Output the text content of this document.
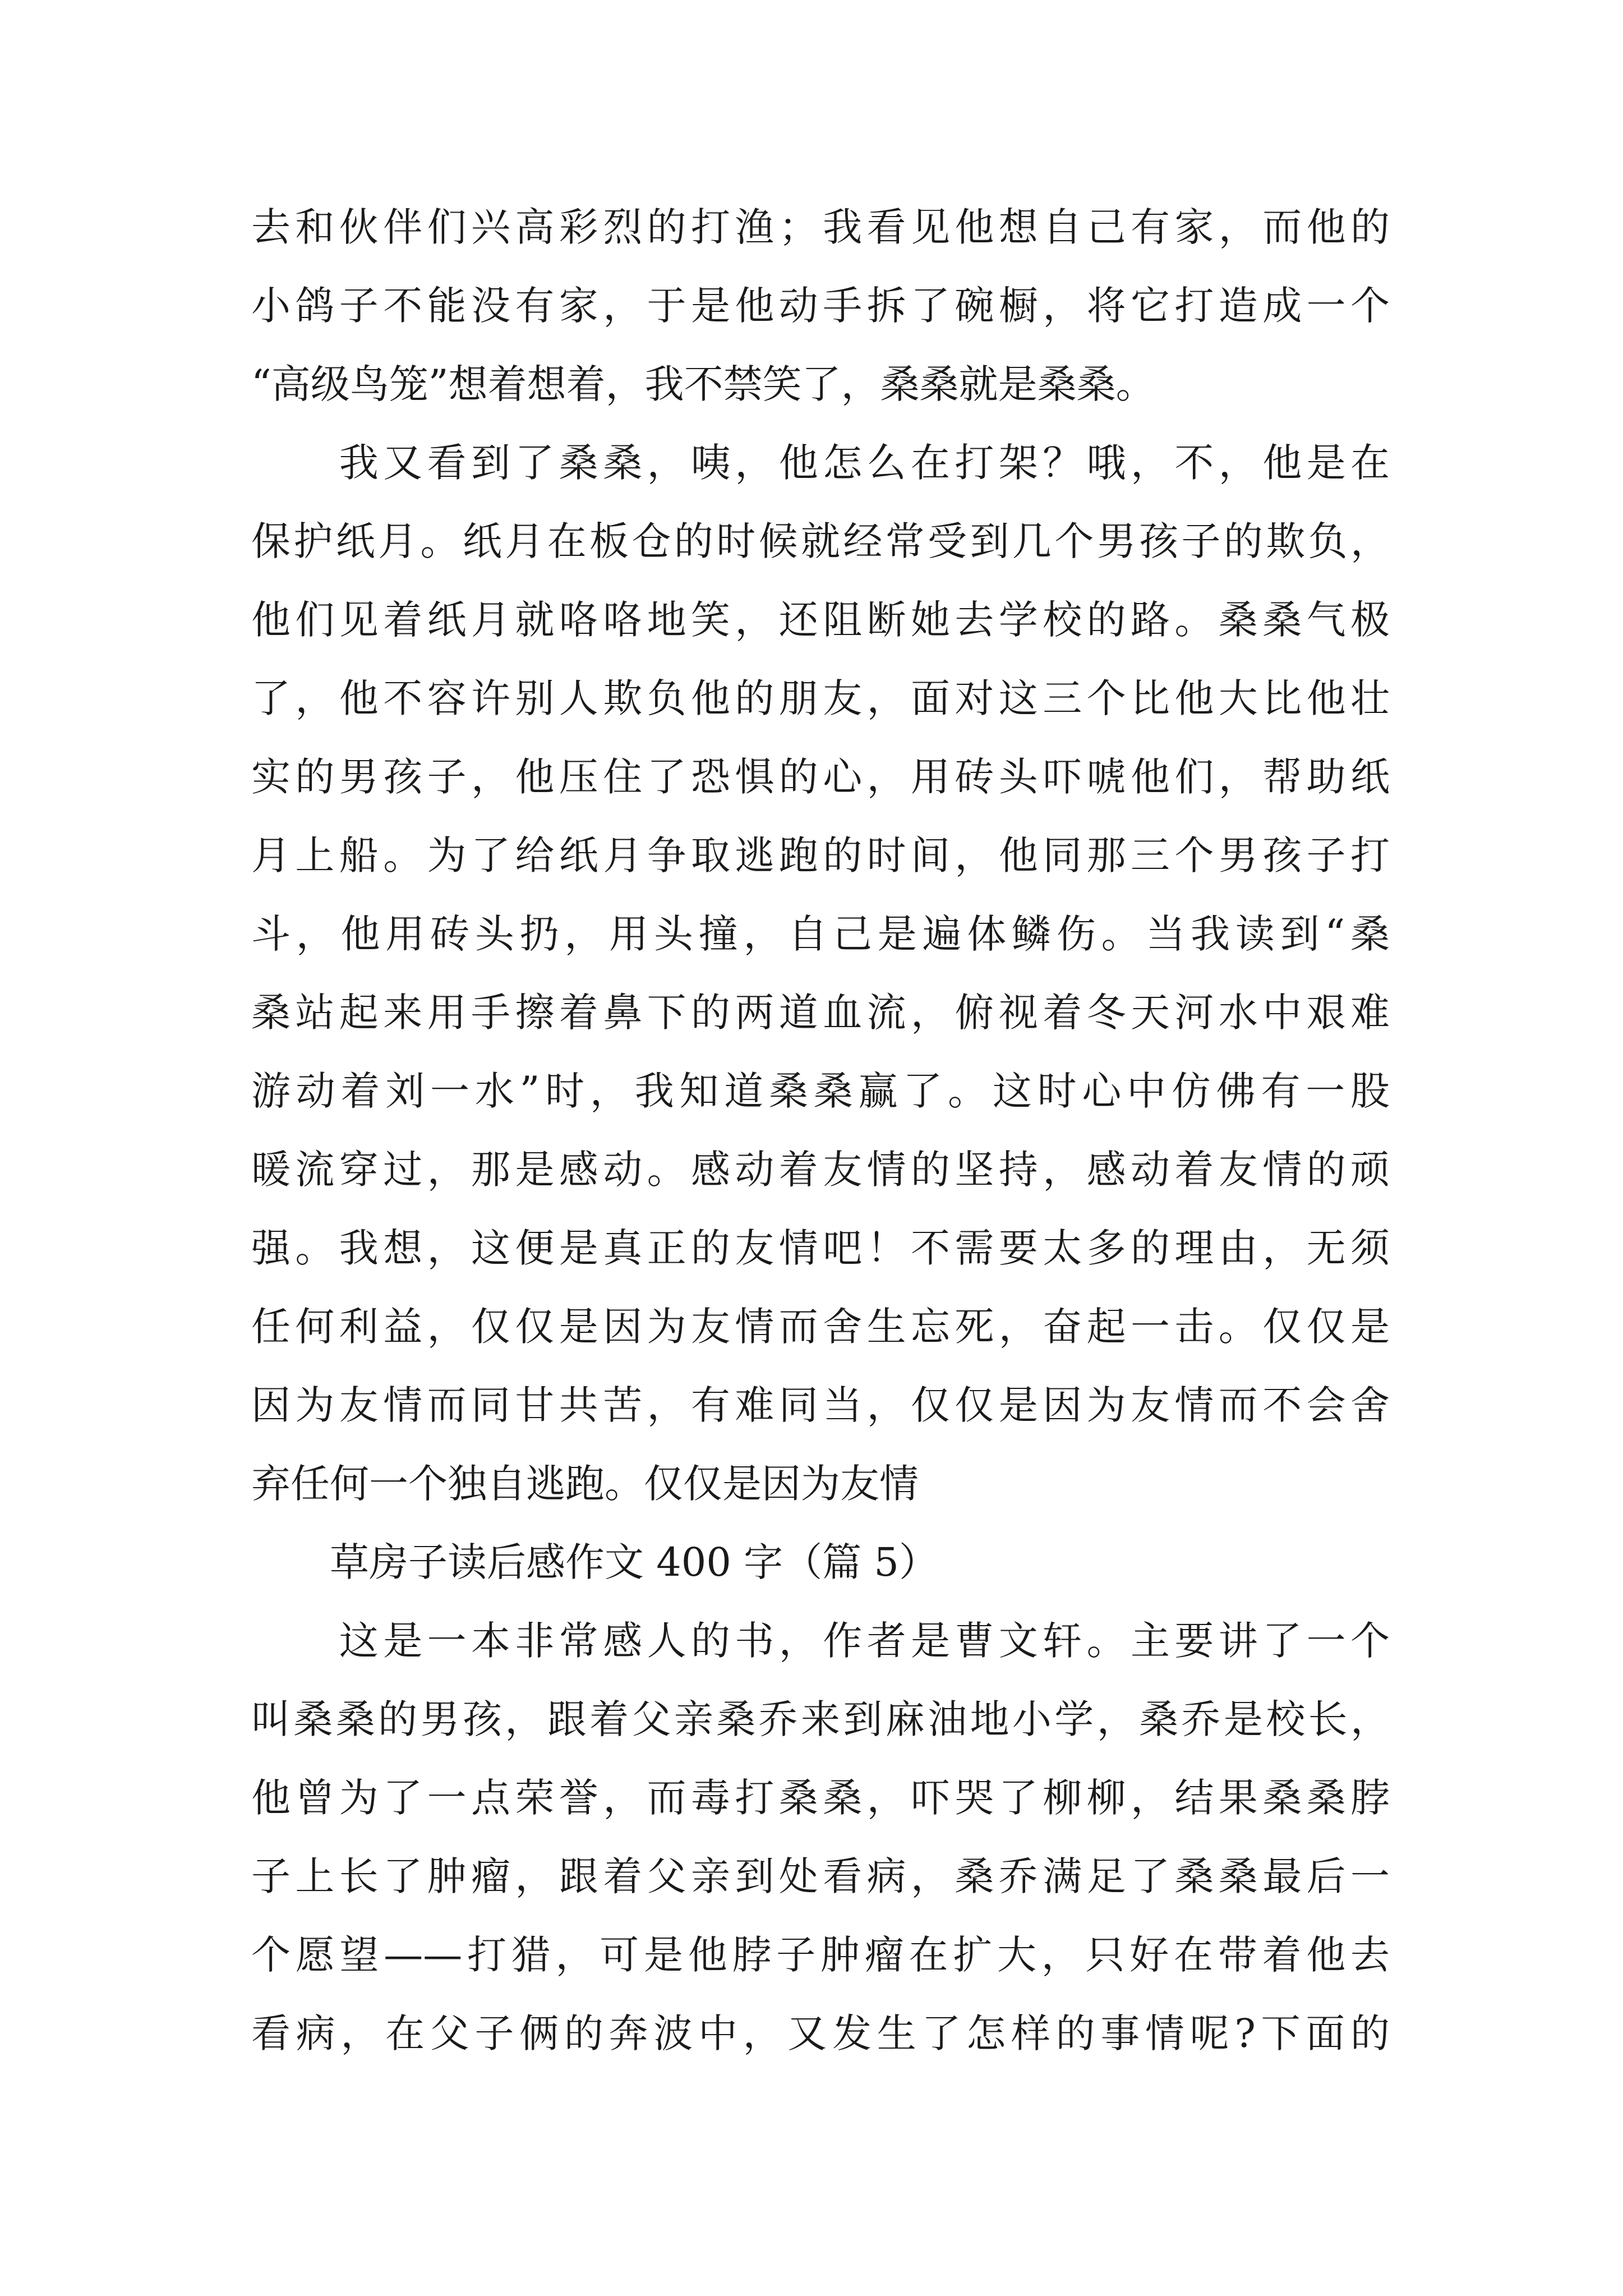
去和伙伴们兴高彩烈的打渔；我看见他想自己有家，而他的
小鸽子不能没有家，于是他动手拆了碗橱，将它打造成一个
“高级鸟笼”想着想着，我不禁笑了，桑桑就是桑桑。
　　我又看到了桑桑，咦，他怎么在打架？哦，不，他是在
保护纸月。纸月在板仓的时候就经常受到几个男孩子的欺负，
他们见着纸月就咯咯地笑，还阻断她去学校的路。桑桑气极
了，他不容许别人欺负他的朋友，面对这三个比他大比他壮
实的男孩子，他压住了恐惧的心，用砖头吓唬他们，帮助纸
月上船。为了给纸月争取逃跑的时间，他同那三个男孩子打
斗，他用砖头扔，用头撞，自己是遍体鳞伤。当我读到“桑
桑站起来用手擦着鼻下的两道血流，俯视着冬天河水中艰难
游动着刘一水”时，我知道桑桑赢了。这时心中仿佛有一股
暖流穿过，那是感动。感动着友情的坚持，感动着友情的顽
强。我想，这便是真正的友情吧！不需要太多的理由，无须
任何利益，仅仅是因为友情而舍生忘死，奋起一击。仅仅是
因为友情而同甘共苦，有难同当，仅仅是因为友情而不会舍
弃任何一个独自逃跑。仅仅是因为友情
　　草房子读后感作文 400 字（篇 5）
　　这是一本非常感人的书，作者是曹文轩。主要讲了一个
叫桑桑的男孩，跟着父亲桑乔来到麻油地小学，桑乔是校长，
他曾为了一点荣誉，而毒打桑桑，吓哭了柳柳，结果桑桑脖
子上长了肿瘤，跟着父亲到处看病，桑乔满足了桑桑最后一
个愿望——打猎，可是他脖子肿瘤在扩大，只好在带着他去
看病，在父子俩的奔波中，又发生了怎样的事情呢?下面的
